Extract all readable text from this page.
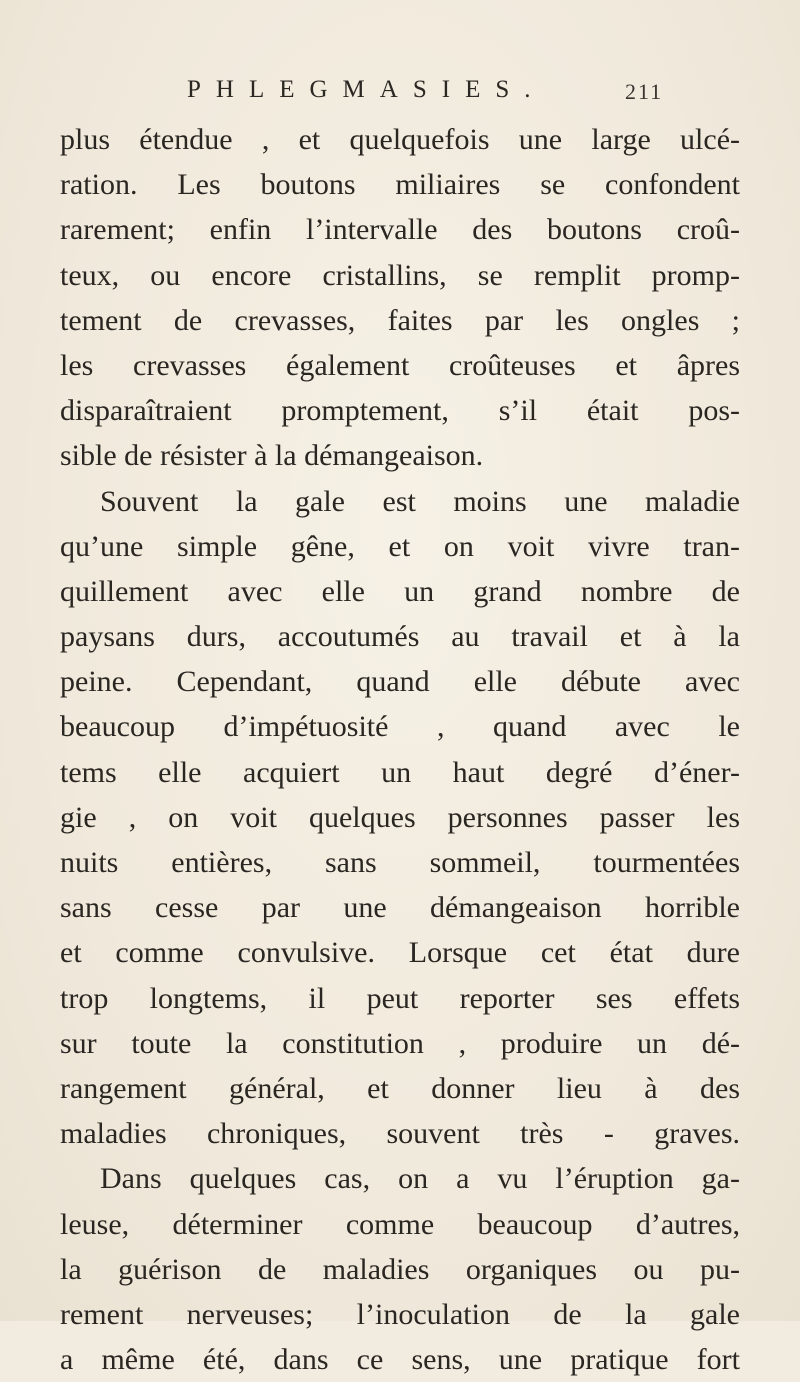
PHLEGMASIES.	211
plus étendue , et quelquefois une large ulcé-
ration. Les boutons miliaires se confondent
rarement; enfin l’intervalle des boutons croû-
teux, ou encore cristallins, se remplit promp-
tement de crevasses, faites par les ongles ;
les crevasses également croûteuses et âpres
disparaîtraient promptement, s’il était pos-
sible de résister à la démangeaison.
Souvent la gale est moins une maladie
qu’une simple gêne, et on voit vivre tran-
quillement avec elle un grand nombre de
paysans durs, accoutumés au travail et à la
peine. Cependant, quand elle débute avec
beaucoup d’impétuosité , quand avec le
tems elle acquiert un haut degré d’éner-
gie , on voit quelques personnes passer les
nuits entières, sans sommeil, tourmentées
sans cesse par une démangeaison horrible
et comme convulsive. Lorsque cet état dure
trop longtems, il peut reporter ses effets
sur toute la constitution , produire un dé-
rangement général, et donner lieu à des
maladies chroniques, souvent très - graves.
Dans quelques cas, on a vu l’éruption ga-
leuse, déterminer comme beaucoup d’autres,
la guérison de maladies organiques ou pu-
rement nerveuses; l’inoculation de la gale
a même été, dans ce sens, une pratique fort
